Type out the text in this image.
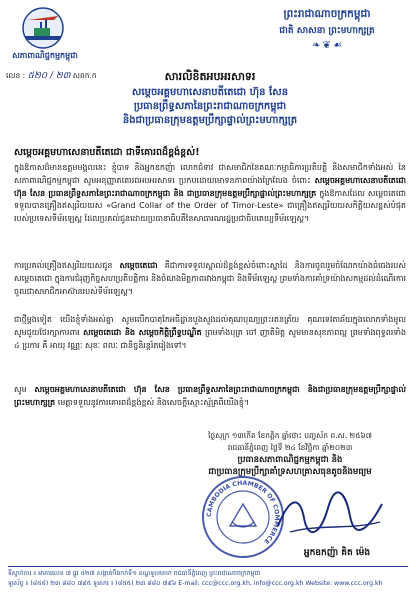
សភាពាណិជ្ជកម្មកម្ពុជា
លេខ : ៥២០ / ២៣ សពក.ក
ព្រះរាជាណាចក្រកម្ពុជា
ជាតិ សាសនា ព្រះមហាក្សត្រ
❧❦☙
សារលិខិតអបអរសាទរ
សម្ដេចអគ្គមហាសេនាបតីតេជោ ហ៊ុន សែន
ប្រធានព្រឹទ្ធសភានៃព្រះរាជាណាចក្រកម្ពុជា
និងជាប្រធានក្រុមឧត្ដមប្រឹក្សាផ្ទាល់ព្រះមហាក្សត្រ
សម្ដេចអគ្គមហាសេនាបតីតេជោ ជាទីគោរពដ៏ខ្ពង់ខ្ពស់!
ក្នុងឱកាសដ៏មានឧត្ដមមង្គលនេះ ខ្ញុំបាទ និងអ្នកឧកញ៉ា លោកជំទាវ ជាសមាជិកនៃគណៈកម្មាធិការប្រតិបត្តិ និងសមាជិកទាំងអស់ នៃសភាពាណិជ្ជកម្មកម្ពុជា សូមអនុញ្ញាតគោរពអបអរសាទរ ប្រកបដោយមោទនភាពយ៉ាងក្រៃលែង ចំពោះ សម្ដេចអគ្គមហាសេនាបតីតេជោ ហ៊ុន សែន ប្រធានព្រឹទ្ធសភានៃព្រះរាជាណាចក្រកម្ពុជា និង ជាប្រធានក្រុមឧត្ដមប្រឹក្សាផ្ទាល់ព្រះមហាក្សត្រ ក្នុងឱកាសដែល សម្ដេចតេជោ ទទួលបានគ្រឿងឥស្សរិយយស «Grand Collar of the Order of Timor-Leste» ជាគ្រឿងឥស្សរិយយសកិត្តិយសខ្ពស់បំផុតរបស់ប្រទេសទីម័រឡេស្ដ ដែលប្រគល់ជូនដោយប្រធានាធិបតីនៃសាធារណរដ្ឋប្រជាធិបតេយ្យទីម័រឡេស្ដ។
ការប្រគល់គ្រឿងឥស្សរិយយសជូន សម្ដេចតេជោ គឺជាការទទួលស្គាល់ដ៏ខ្ពង់ខ្ពស់ចំពោះស្នាដៃ និងការចូលរួមចំណែកយ៉ាងធំធេងរបស់ សម្ដេចតេជោ ក្នុងការជំរុញកិច្ចសហប្រតិបត្តិការ និងចំណងមិត្តភាពរវាងកម្ពុជា និងទីម័រឡេស្ដ ព្រមទាំងការគាំទ្រយ៉ាងសកម្មដល់ដំណើរការចូលជាសមាជិកអាស៊ានរបស់ទីម័រឡេស្ដ។
ជាថ្មីម្ដងទៀត យើងខ្ញុំទាំងអស់គ្នា សូមលើកបាតុកែអធិដ្ឋានបួងសួងដល់គុណបុណ្យព្រះរតនត្រ័យ គុណទេវតាឆ័យក្នុងលោកទាំងមូល សូមជួយថែរក្សាការពារ សម្ដេចតេជោ និង សម្ដេចកិត្តិព្រឹទ្ធបណ្ឌិត ព្រមទាំងបុត្រ ចៅ ញាតិមិត្ត សូមមានសុខភាពល្អ ព្រមទាំងពុទ្ធពរទាំង ៤ ប្រការ គឺ អាយុ វណ្ណៈ សុខៈ ពលៈ ជានិច្ចនិរន្តរ៍តរៀងទៅ។
សូម សម្ដេចអគ្គមហាសេនាបតីតេជោ ហ៊ុន សែន ប្រធានព្រឹទ្ធសភានៃព្រះរាជាណាចក្រកម្ពុជា និងជាប្រធានក្រុមឧត្ដមប្រឹក្សាផ្ទាល់ព្រះមហាក្សត្រ មេត្ដាទទួលនូវការគោរពដ៏ខ្ពង់ខ្ពស់ និងសេចក្ដីស្មោះស្ម័គ្រពីយើងខ្ញុំ។
ថ្ងៃសុក្រ ១៣កើត ខែកត្ដិក ឆ្នាំថោះ បញ្ចស័ក ព.ស. ២៥៦៧
រាជធានីភ្នំពេញ ថ្ងៃទី ២៤ ខែវិច្ឆិកា ឆ្នាំ២០២៣
ប្រធានសភាពាណិជ្ជកម្មកម្ពុជា និង
ជាប្រធានក្រុមប្រឹក្សាគាំទ្រសហគ្រាសធុនតូចនិងមធ្យម
CAMBODIA CHAMBER OF COMMERCE
អ្នកឧកញ៉ា គិត ម៉េង
ទីស្នាក់ការ ៖ អាគារលេខ ៧ ផ្លូវ ៥២៧ សង្កាត់បឹងកក់ទី១ ខណ្ឌទួលគោក រាជធានីភ្នំពេញ ព្រះរាជាណាចក្រកម្ពុជា
ទូរស័ព្ទ ៖ (៨៥៥) ២៣ ៨៨០ ៧៩៥ ទូរសារ ៖ (៨៥៥) ២៣ ៨៨០ ៧៩៦ E-mail: ccc@ccc.org.kh, info@ccc.org.kh Website: www.ccc.org.kh
